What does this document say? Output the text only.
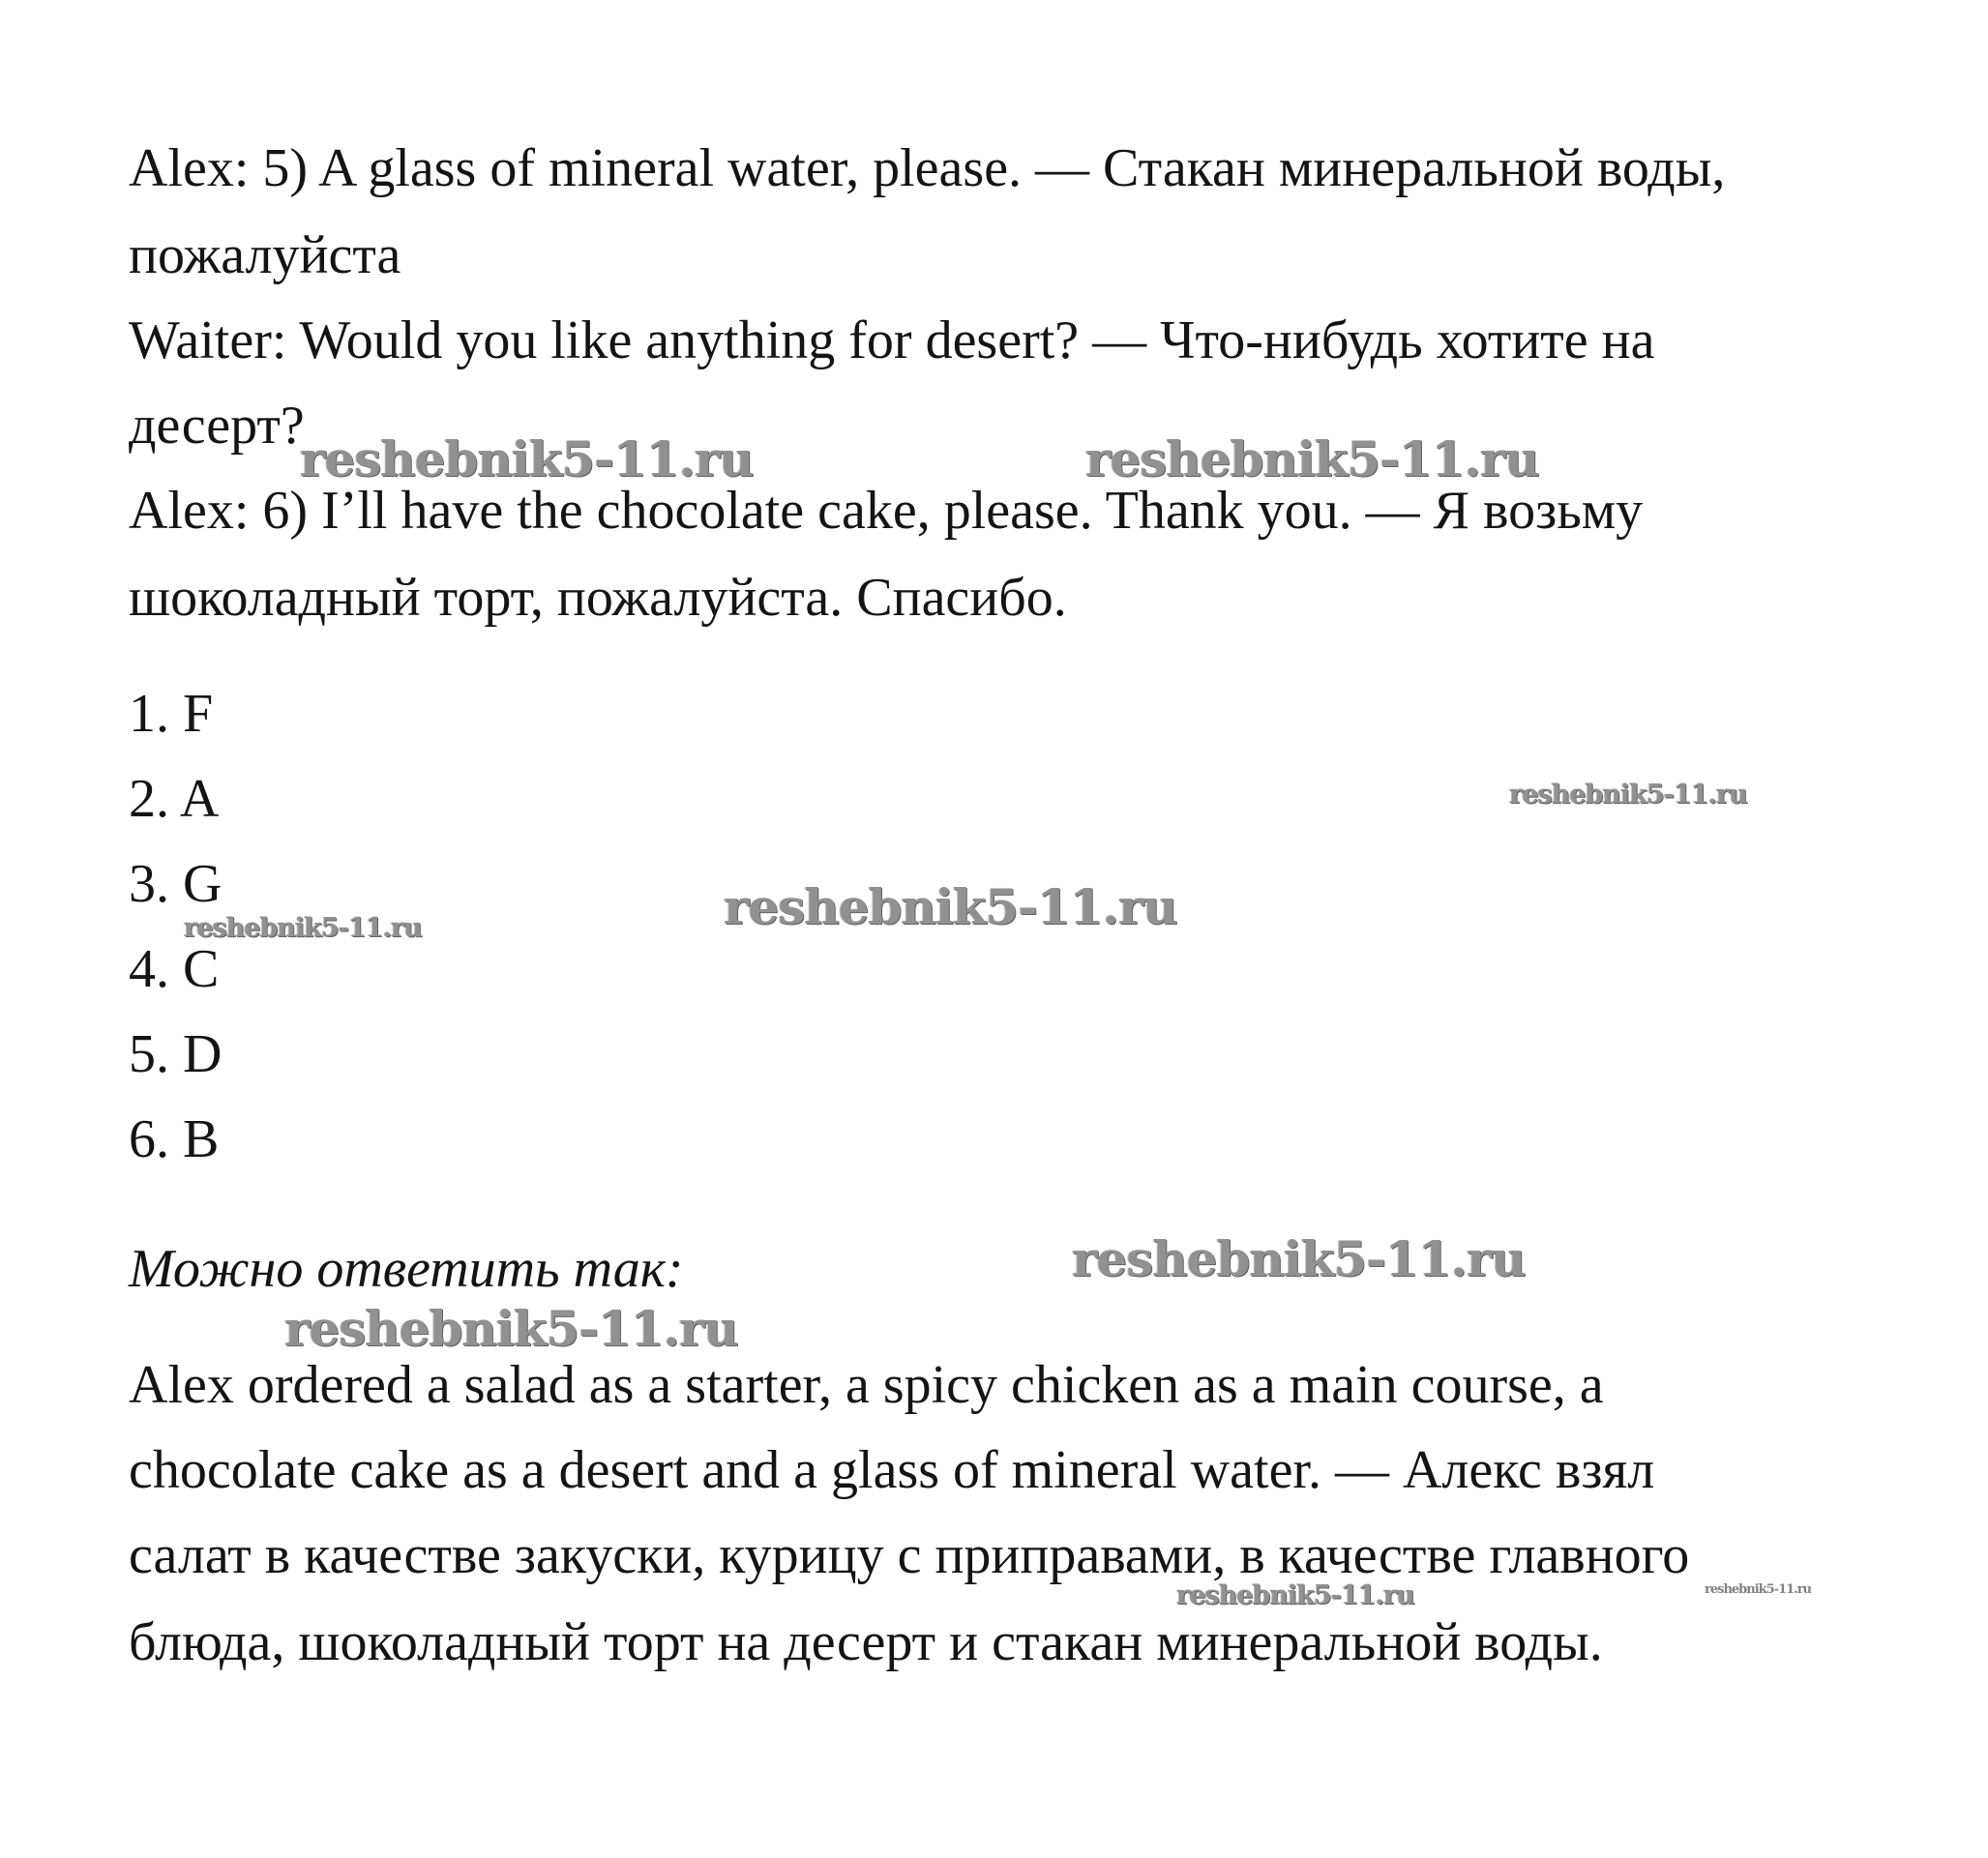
Alex: 5) A glass of mineral water, please. — Стакан минеральной воды,
пожалуйста
Waiter: Would you like anything for desert? — Что-нибудь хотите на
десерт?
Alex: 6) I’ll have the chocolate cake, please. Thank you. — Я возьму
шоколадный торт, пожалуйста. Спасибо.
1. F
2. A
3. G
4. C
5. D
6. B
Можно ответить так:
Alex ordered a salad as a starter, a spicy chicken as a main course, a
chocolate cake as a desert and a glass of mineral water. — Алекс взял
салат в качестве закуски, курицу с приправами, в качестве главного
блюда, шоколадный торт на десерт и стакан минеральной воды.
reshebnik5-11.ru	reshebnik5-11.ru
reshebnik5-11.ru
reshebnik5-11.ru
reshebnik5-11.ru
reshebnik5-11.ru
reshebnik5-11.ru
reshebnik5-11.ru	reshebnik5-11.ru
